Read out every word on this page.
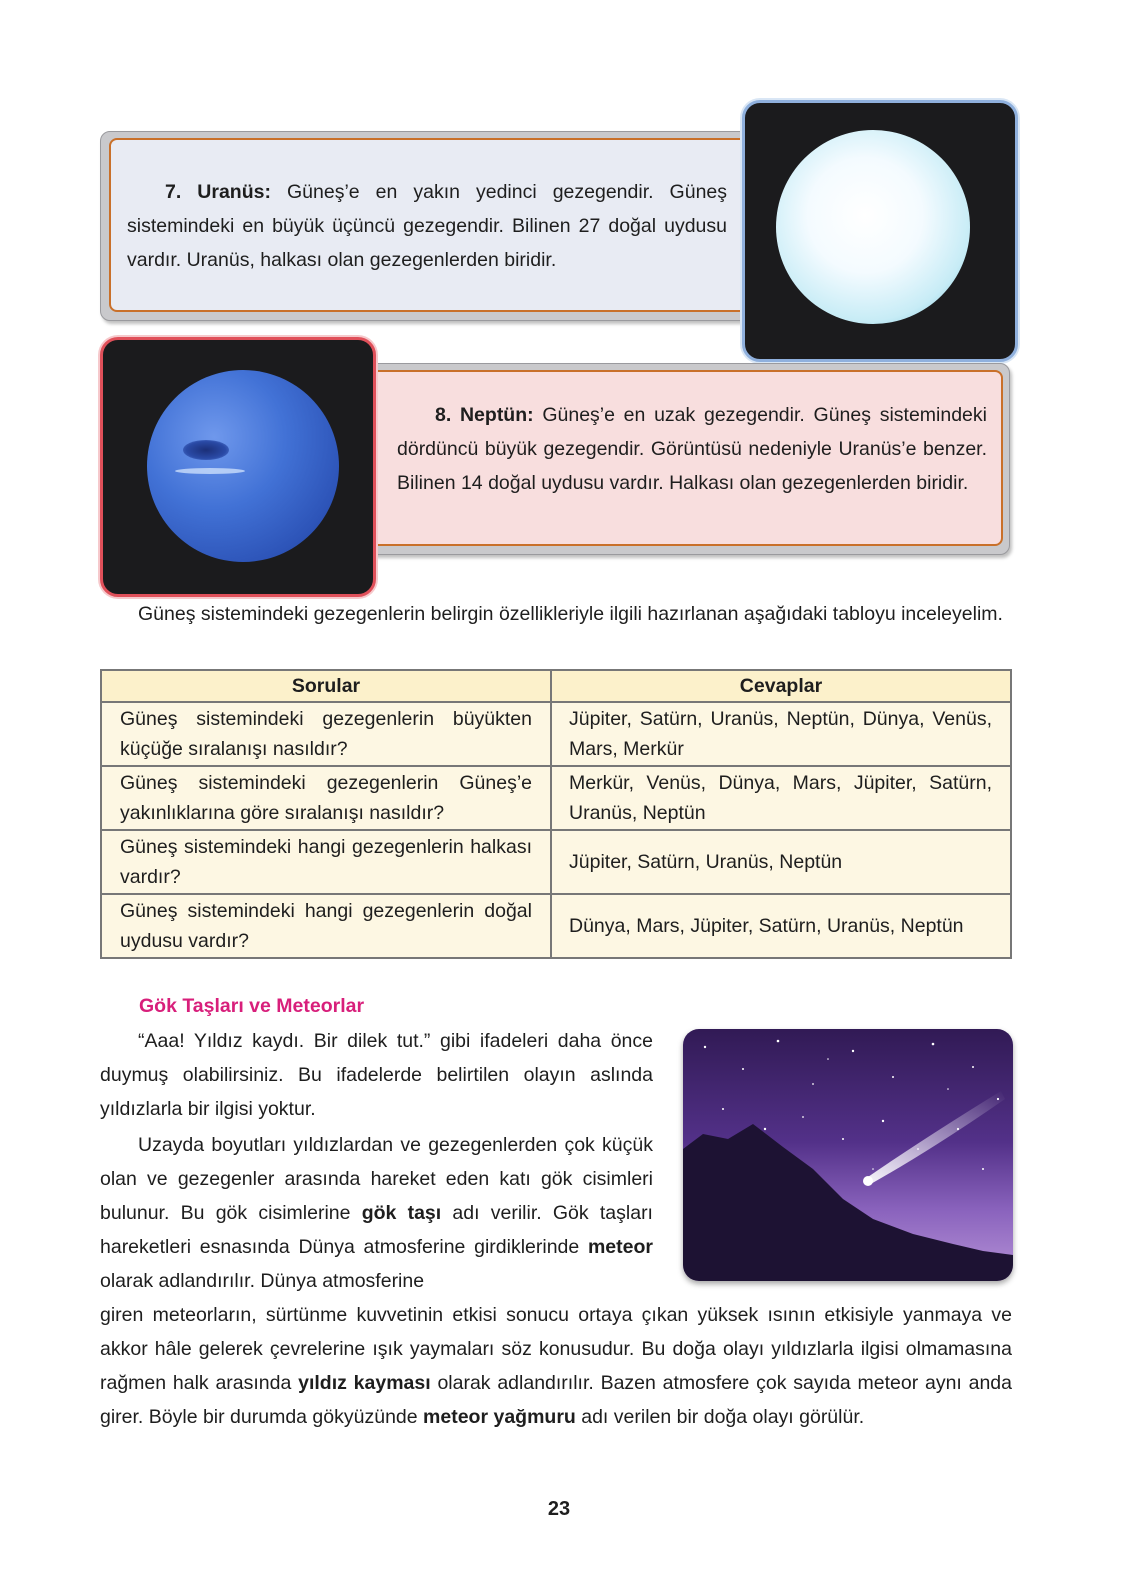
7. Uranüs: Güneş’e en yakın yedinci gezegendir. Güneş sistemindeki en büyük üçüncü gezegendir. Bilinen 27 doğal uydusu vardır. Uranüs, halkası olan gezegenlerden biridir.

8. Neptün: Güneş’e en uzak gezegendir. Güneş sistemindeki dördüncü büyük gezegendir. Görüntüsü nedeniyle Uranüs’e benzer. Bilinen 14 doğal uydusu vardır. Halkası olan gezegenlerden biridir.

Güneş sistemindeki gezegenlerin belirgin özellikleriyle ilgili hazırlanan aşağıdaki tabloyu inceleyelim.

Sorular	Cevaplar
Güneş sistemindeki gezegenlerin büyükten küçüğe sıralanışı nasıldır?	Jüpiter, Satürn, Uranüs, Neptün, Dünya, Venüs, Mars, Merkür
Güneş sistemindeki gezegenlerin Güneş’e yakınlıklarına göre sıralanışı nasıldır?	Merkür, Venüs, Dünya, Mars, Jüpiter, Satürn, Uranüs, Neptün
Güneş sistemindeki hangi gezegenlerin halkası vardır?	Jüpiter, Satürn, Uranüs, Neptün
Güneş sistemindeki hangi gezegenlerin doğal uydusu vardır?	Dünya, Mars, Jüpiter, Satürn, Uranüs, Neptün
Gök Taşları ve Meteorlar

“Aaa! Yıldız kaydı. Bir dilek tut.” gibi ifadeleri daha önce duymuş olabilirsiniz. Bu ifadelerde belirtilen olayın aslında yıldızlarla bir ilgisi yoktur.

Uzayda boyutları yıldızlardan ve gezegenlerden çok küçük olan ve gezegenler arasında hareket eden katı gök cisimleri bulunur. Bu gök cisimlerine gök taşı adı verilir. Gök taşları hareketleri esnasında Dünya atmosferine girdiklerinde meteor olarak adlandırılır. Dünya atmosferine
giren meteorların, sürtünme kuvvetinin etkisi sonucu ortaya çıkan yüksek ısının etkisiyle yanmaya ve akkor hâle gelerek çevrelerine ışık yaymaları söz konusudur. Bu doğa olayı yıldızlarla ilgisi olmamasına rağmen halk arasında yıldız kayması olarak adlandırılır. Bazen atmosfere çok sayıda meteor aynı anda girer. Böyle bir durumda gökyüzünde meteor yağmuru adı verilen bir doğa olayı görülür.

23
